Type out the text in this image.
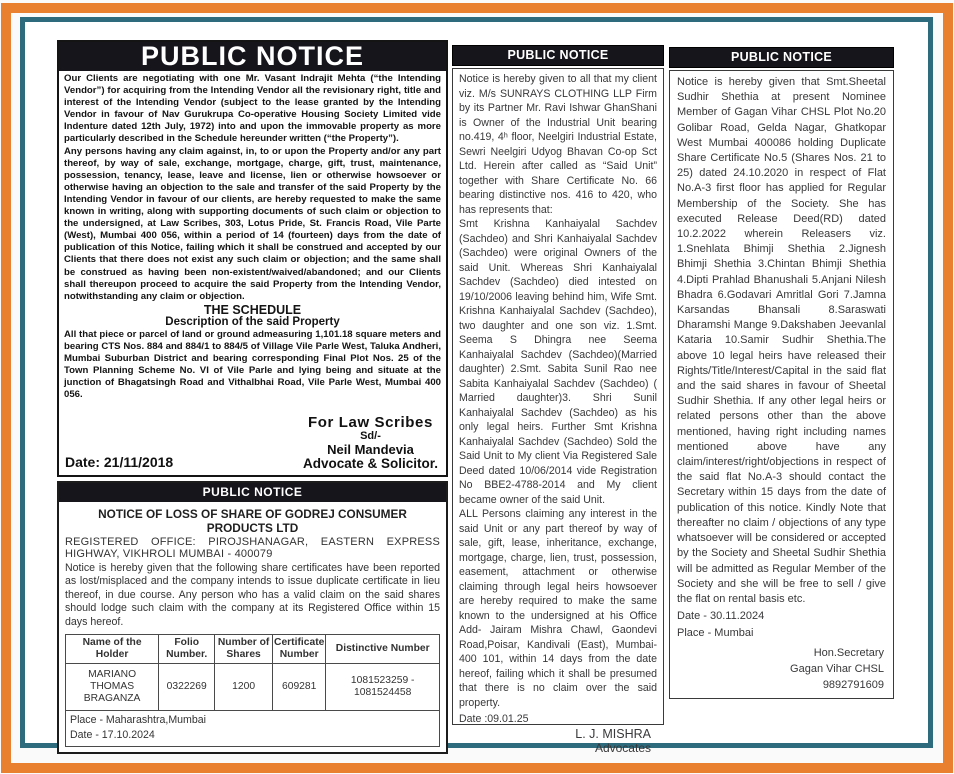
PUBLIC NOTICE

Our Clients are negotiating with one Mr. Vasant Indrajit Mehta (“the Intending Vendor”) for acquiring from the Intending Vendor all the revisionary right, title and interest of the Intending Vendor (subject to the lease granted by the Intending Vendor in favour of Nav Gurukrupa Co-operative Housing Society Limited vide Indenture dated 12th July, 1972) into and upon the immovable property as more particularly described in the Schedule hereunder written (“the Property”).

Any persons having any claim against, in, to or upon the Property and/or any part thereof, by way of sale, exchange, mortgage, charge, gift, trust, maintenance, possession, tenancy, lease, leave and license, lien or otherwise howsoever or otherwise having an objection to the sale and transfer of the said Property by the Intending Vendor in favour of our clients, are hereby requested to make the same known in writing, along with supporting documents of such claim or objection to the undersigned, at Law Scribes, 303, Lotus Pride, St. Francis Road, Vile Parte (West), Mumbai 400 056, within a period of 14 (fourteen) days from the date of publication of this Notice, failing which it shall be construed and accepted by our Clients that there does not exist any such claim or objection; and the same shall be construed as having been non-existent/waived/abandoned; and our Clients shall thereupon proceed to acquire the said Property from the Intending Vendor, notwithstanding any claim or objection.

THE SCHEDULE
Description of the said Property

All that piece or parcel of land or ground admeasuring 1,101.18 square meters and bearing CTS Nos. 884 and 884/1 to 884/5 of Village Vile Parle West, Taluka Andheri, Mumbai Suburban District and bearing corresponding Final Plot Nos. 25 of the Town Planning Scheme No. VI of Vile Parle and lying being and situate at the junction of Bhagatsingh Road and Vithalbhai Road, Vile Parle West, Mumbai 400 056.

Date: 21/11/2018
For Law Scribes
Sd/-
Neil Mandevia
Advocate & Solicitor.
PUBLIC NOTICE
NOTICE OF LOSS OF SHARE OF GODREJ CONSUMER PRODUCTS LTD
REGISTERED OFFICE: PIROJSHANAGAR, EASTERN EXPRESS HIGHWAY, VIKHROLI MUMBAI - 400079
Notice is hereby given that the following share certificates have been reported as lost/misplaced and the company intends to issue duplicate certificate in lieu thereof, in due course. Any person who has a valid claim on the said shares should lodge such claim with the company at its Registered Office within 15 days hereof.
Name of the Holder	Folio Number.	Number of Shares	Certificate Number	Distinctive Number
MARIANO THOMAS BRAGANZA	0322269	1200	609281	1081523259 - 1081524458

Place - Maharashtra,Mumbai
Date - 17.10.2024				
PUBLIC NOTICE

Notice is hereby given to all that my client viz. M/s SUNRAYS CLOTHING LLP Firm by its Partner Mr. Ravi Ishwar GhanShani is Owner of the Industrial Unit bearing no.419, 4ʰ floor, Neelgiri Industrial Estate, Sewri Neelgiri Udyog Bhavan Co-op Sct Ltd. Herein after called as “Said Unit” together with Share Certificate No. 66 bearing distinctive nos. 416 to 420, who has represents that:

Smt Krishna Kanhaiyalal Sachdev (Sachdeo) and Shri Kanhaiyalal Sachdev (Sachdeo) were original Owners of the said Unit. Whereas Shri Kanhaiyalal Sachdev (Sachdeo) died intested on 19/10/2006 leaving behind him, Wife Smt. Krishna Kanhaiyalal Sachdev (Sachdeo), two daughter and one son viz. 1.Smt. Seema S Dhingra nee Seema Kanhaiyalal Sachdev (Sachdeo)(Married daughter) 2.Smt. Sabita Sunil Rao nee Sabita Kanhaiyalal Sachdev (Sachdeo) ( Married daughter)3. Shri Sunil Kanhaiyalal Sachdev (Sachdeo) as his only legal heirs. Further Smt Krishna Kanhaiyalal Sachdev (Sachdeo) Sold the Said Unit to My client Via Registered Sale Deed dated 10/06/2014 vide Registration No BBE2-4788-2014 and My client became owner of the said Unit.

ALL Persons claiming any interest in the said Unit or any part thereof by way of sale, gift, lease, inheritance, exchange, mortgage, charge, lien, trust, possession, easement, attachment or otherwise claiming through legal heirs howsoever are hereby required to make the same known to the undersigned at his Office Add- Jairam Mishra Chawl, Gaondevi Road,Poisar, Kandivali (East), Mumbai- 400 101, within 14 days from the date hereof, failing which it shall be presumed that there is no claim over the said property.

Date :09.01.25
L. J. MISHRA
Advocates
PUBLIC NOTICE

Notice is hereby given that Smt.Sheetal Sudhir Shethia at present Nominee Member of Gagan Vihar CHSL Plot No.20 Golibar Road, Gelda Nagar, Ghatkopar West Mumbai 400086 holding Duplicate Share Certificate No.5 (Shares Nos. 21 to 25) dated 24.10.2020 in respect of Flat No.A-3 first floor has applied for Regular Membership of the Society. She has executed Release Deed(RD) dated 10.2.2022 wherein Releasers viz. 1.Snehlata Bhimji Shethia 2.Jignesh Bhimji Shethia 3.Chintan Bhimji Shethia 4.Dipti Prahlad Bhanushali 5.Anjani Nilesh Bhadra 6.Godavari Amritlal Gori 7.Jamna Karsandas Bhansali 8.Saraswati Dharamshi Mange 9.Dakshaben Jeevanlal Kataria 10.Samir Sudhir Shethia.The above 10 legal heirs have released their Rights/Title/Interest/Capital in the said flat and the said shares in favour of Sheetal Sudhir Shethia. If any other legal heirs or related persons other than the above mentioned, having right including names mentioned above have any claim/interest/right/objections in respect of the said flat No.A-3 should contact the Secretary within 15 days from the date of publication of this notice. Kindly Note that thereafter no claim / objections of any type whatsoever will be considered or accepted by the Society and Sheetal Sudhir Shethia will be admitted as Regular Member of the Society and she will be free to sell / give the flat on rental basis etc.

Date - 30.11.2024
Place - Mumbai
Hon.Secretary
Gagan Vihar CHSL
9892791609
